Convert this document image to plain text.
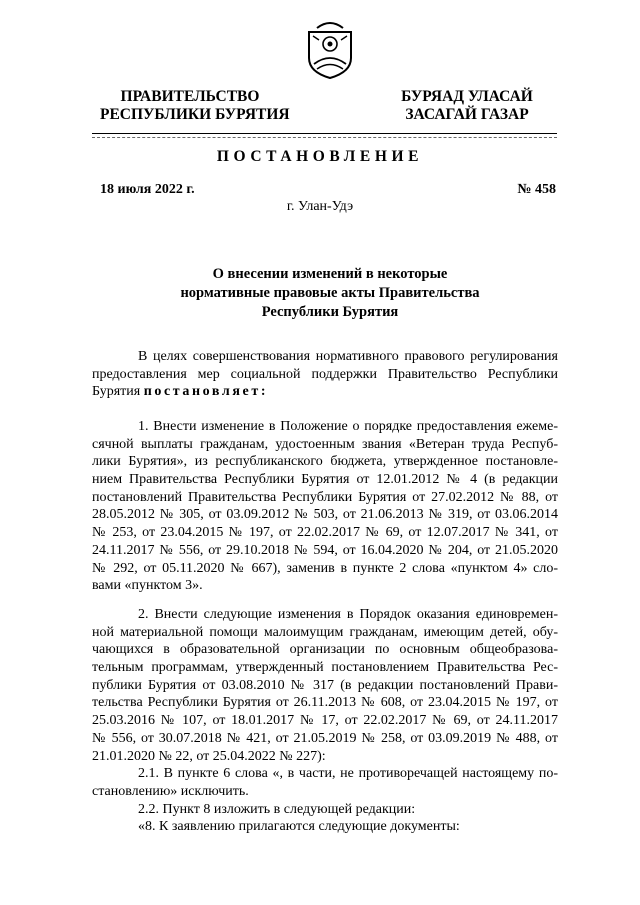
ПРАВИТЕЛЬСТВО
РЕСПУБЛИКИ БУРЯТИЯ
БУРЯАД УЛАСАЙ
ЗАСАГАЙ ГАЗАР
ПОСТАНОВЛЕНИЕ
18 июля 2022 г.	№ 458
г. Улан-Удэ
О внесении изменений в некоторые
нормативные правовые акты Правительства
Республики Бурятия
В целях совершенствования нормативного правового регулирования
предоставления мер социальной поддержки Правительство Республики
Бурятия постановляет:
1. Внести изменение в Положение о порядке предоставления ежеме-
сячной выплаты гражданам, удостоенным звания «Ветеран труда Респуб-
лики Бурятия», из республиканского бюджета, утвержденное постановле-
нием Правительства Республики Бурятия от 12.01.2012 № 4 (в редакции
постановлений Правительства Республики Бурятия от 27.02.2012 № 88, от
28.05.2012 № 305, от 03.09.2012 № 503, от 21.06.2013 № 319, от 03.06.2014
№ 253, от 23.04.2015 № 197, от 22.02.2017 № 69, от 12.07.2017 № 341, от
24.11.2017 № 556, от 29.10.2018 № 594, от 16.04.2020 № 204, от 21.05.2020
№ 292, от 05.11.2020 № 667), заменив в пункте 2 слова «пунктом 4» сло-
вами «пунктом 3».
2. Внести следующие изменения в Порядок оказания единовремен-
ной материальной помощи малоимущим гражданам, имеющим детей, обу-
чающихся в образовательной организации по основным общеобразова-
тельным программам, утвержденный постановлением Правительства Рес-
публики Бурятия от 03.08.2010 № 317 (в редакции постановлений Прави-
тельства Республики Бурятия от 26.11.2013 № 608, от 23.04.2015 № 197, от
25.03.2016 № 107, от 18.01.2017 № 17, от 22.02.2017 № 69, от 24.11.2017
№ 556, от 30.07.2018 № 421, от 21.05.2019 № 258, от 03.09.2019 № 488, от
21.01.2020 № 22, от 25.04.2022 № 227):
2.1. В пункте 6 слова «, в части, не противоречащей настоящему по-
становлению» исключить.
2.2. Пункт 8 изложить в следующей редакции:
«8. К заявлению прилагаются следующие документы:
